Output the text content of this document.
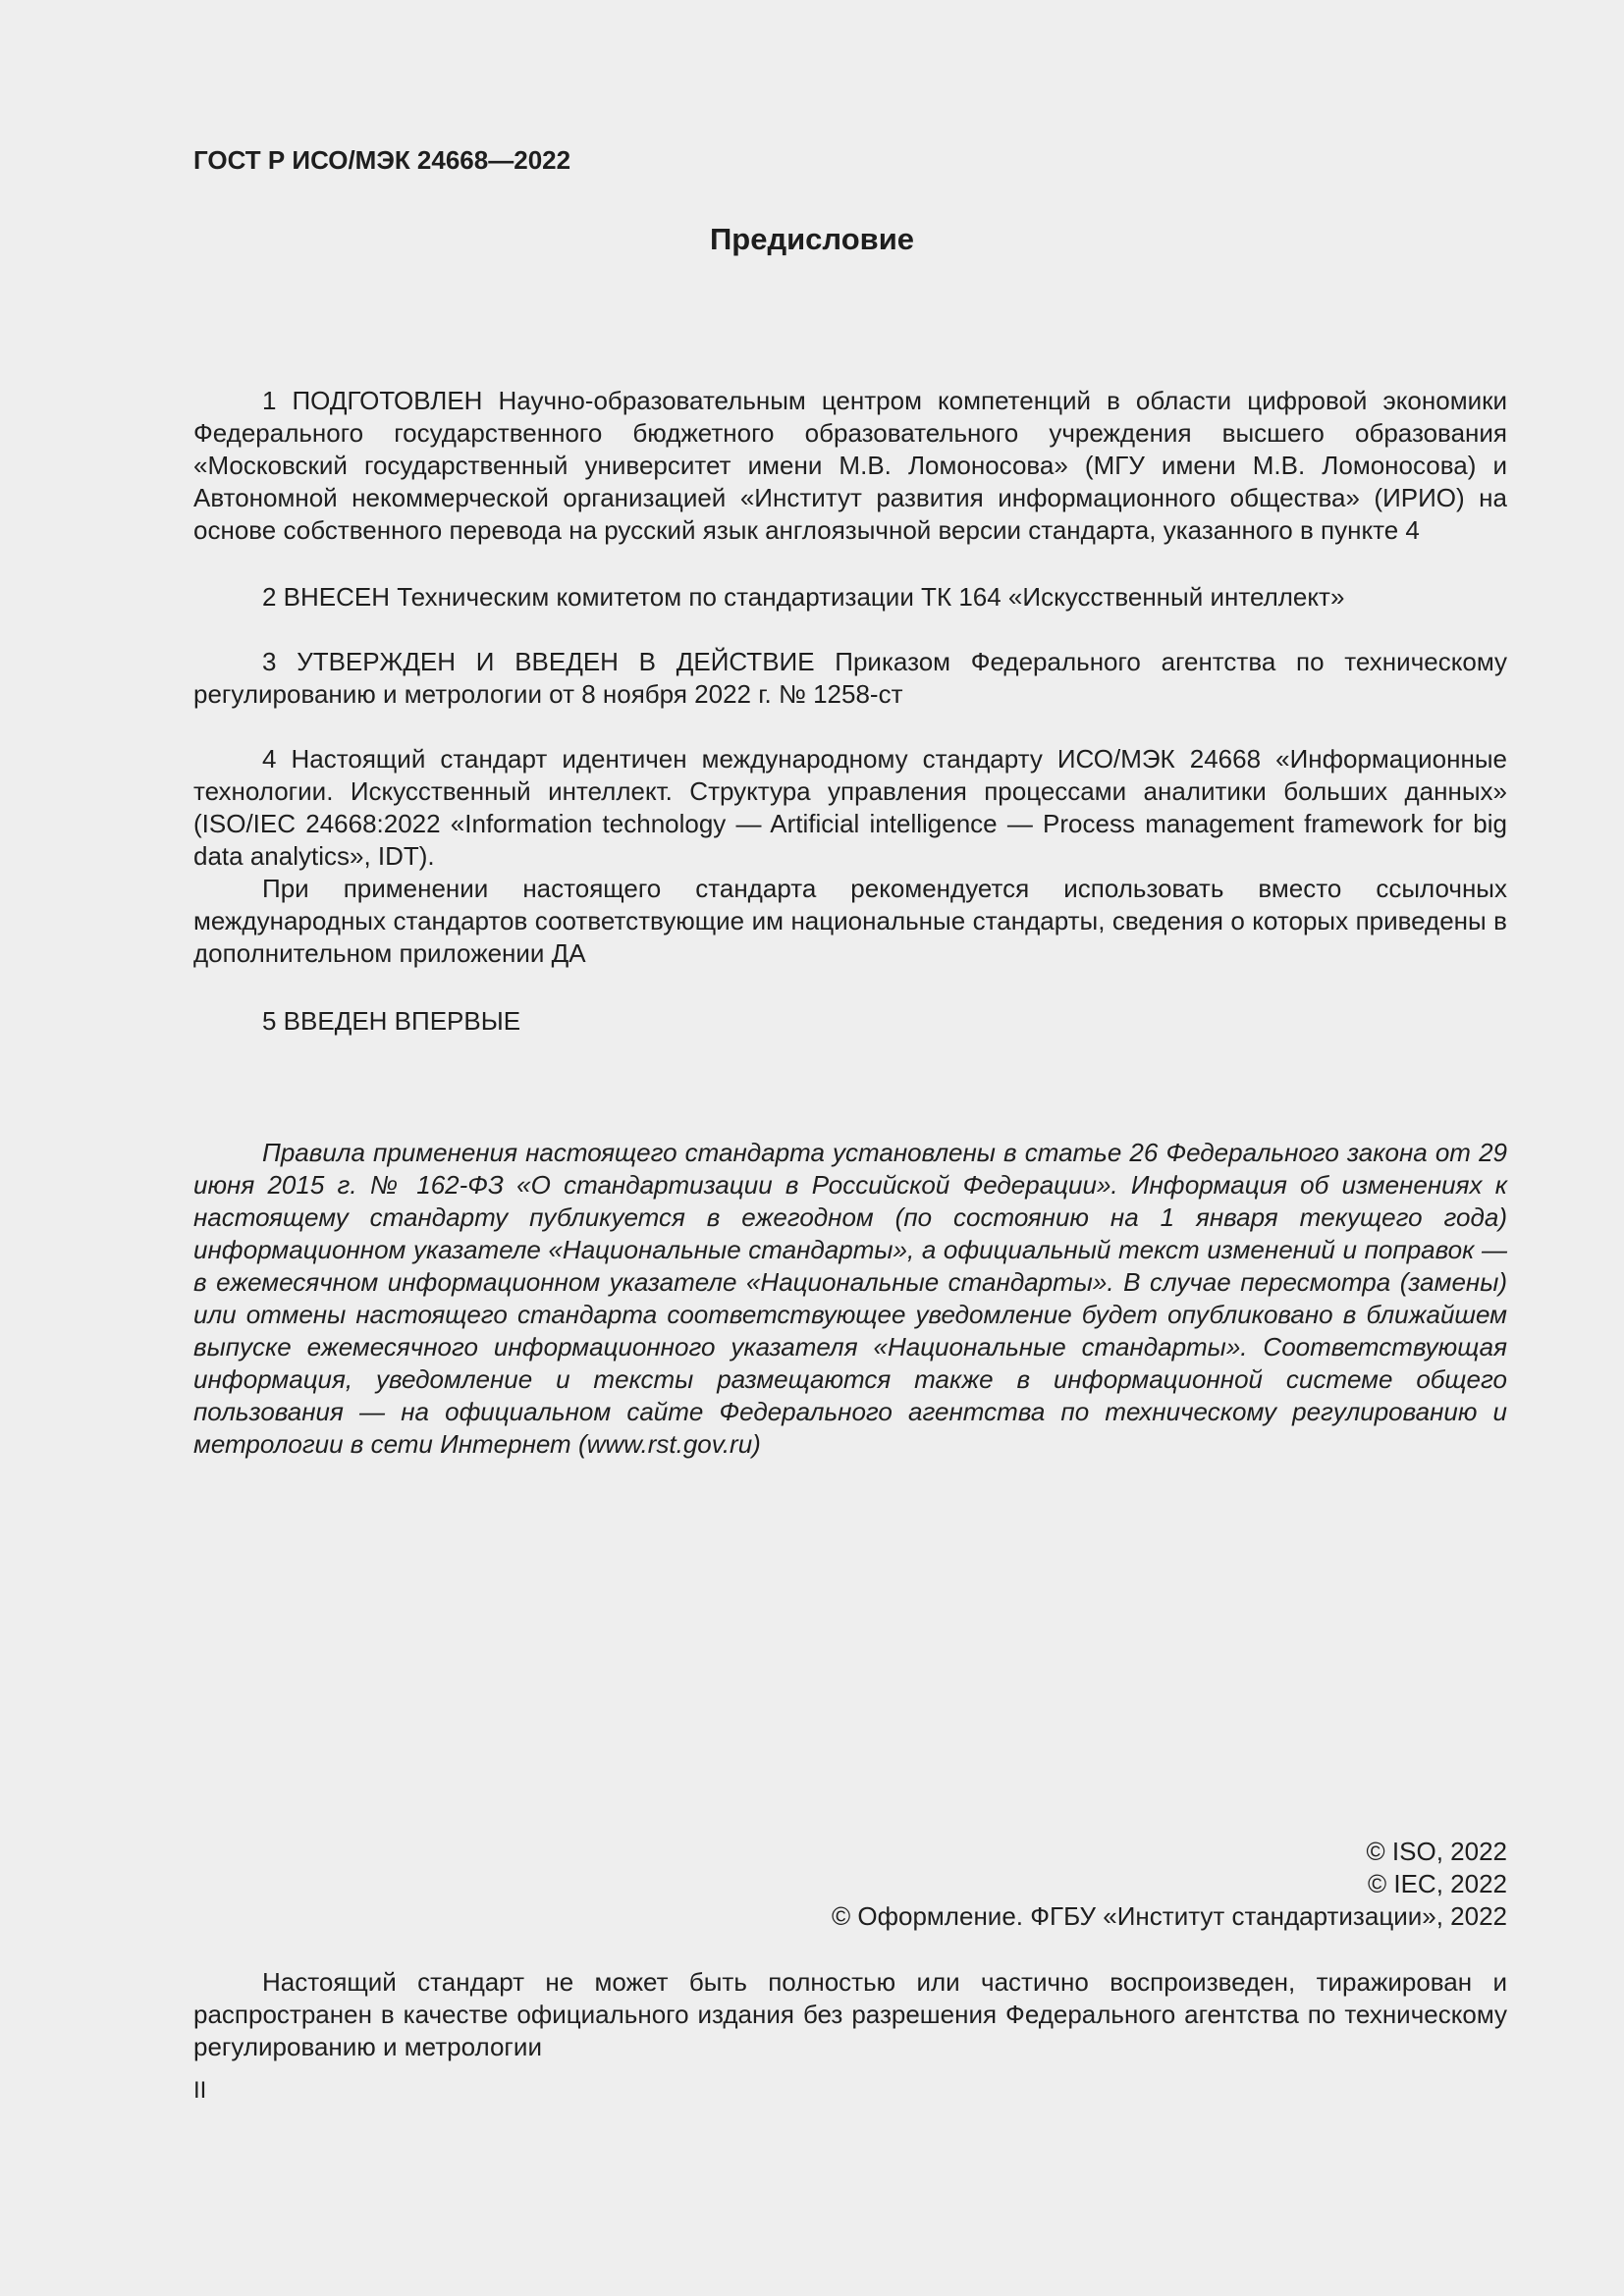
ГОСТ Р ИСО/МЭК 24668—2022
Предисловие

1 ПОДГОТОВЛЕН Научно-образовательным центром компетенций в области цифровой экономики Федерального государственного бюджетного образовательного учреждения высшего образования «Московский государственный университет имени М.В. Ломоносова» (МГУ имени М.В. Ломоносова) и Автономной некоммерческой организацией «Институт развития информационного общества» (ИРИО) на основе собственного перевода на русский язык англоязычной версии стандарта, указанного в пункте 4

2 ВНЕСЕН Техническим комитетом по стандартизации ТК 164 «Искусственный интеллект»

3 УТВЕРЖДЕН И ВВЕДЕН В ДЕЙСТВИЕ Приказом Федерального агентства по техническому регулированию и метрологии от 8 ноября 2022 г. № 1258-ст

4 Настоящий стандарт идентичен международному стандарту ИСО/МЭК 24668 «Информационные технологии. Искусственный интеллект. Структура управления процессами аналитики больших данных» (ISO/IEC 24668:2022 «Information technology — Artificial intelligence — Process management framework for big data analytics», IDT).

При применении настоящего стандарта рекомендуется использовать вместо ссылочных международных стандартов соответствующие им национальные стандарты, сведения о которых приведены в дополнительном приложении ДА

5 ВВЕДЕН ВПЕРВЫЕ

Правила применения настоящего стандарта установлены в статье 26 Федерального закона от 29 июня 2015 г. № 162-ФЗ «О стандартизации в Российской Федерации». Информация об изменениях к настоящему стандарту публикуется в ежегодном (по состоянию на 1 января текущего года) информационном указателе «Национальные стандарты», а официальный текст изменений и поправок — в ежемесячном информационном указателе «Национальные стандарты». В случае пересмотра (замены) или отмены настоящего стандарта соответствующее уведомление будет опубликовано в ближайшем выпуске ежемесячного информационного указателя «Национальные стандарты». Соответствующая информация, уведомление и тексты размещаются также в информационной системе общего пользования — на официальном сайте Федерального агентства по техническому регулированию и метрологии в сети Интернет (www.rst.gov.ru)

© ISO, 2022

© IEC, 2022

© Оформление. ФГБУ «Институт стандартизации», 2022

Настоящий стандарт не может быть полностью или частично воспроизведен, тиражирован и распространен в качестве официального издания без разрешения Федерального агентства по техническому регулированию и метрологии

II
